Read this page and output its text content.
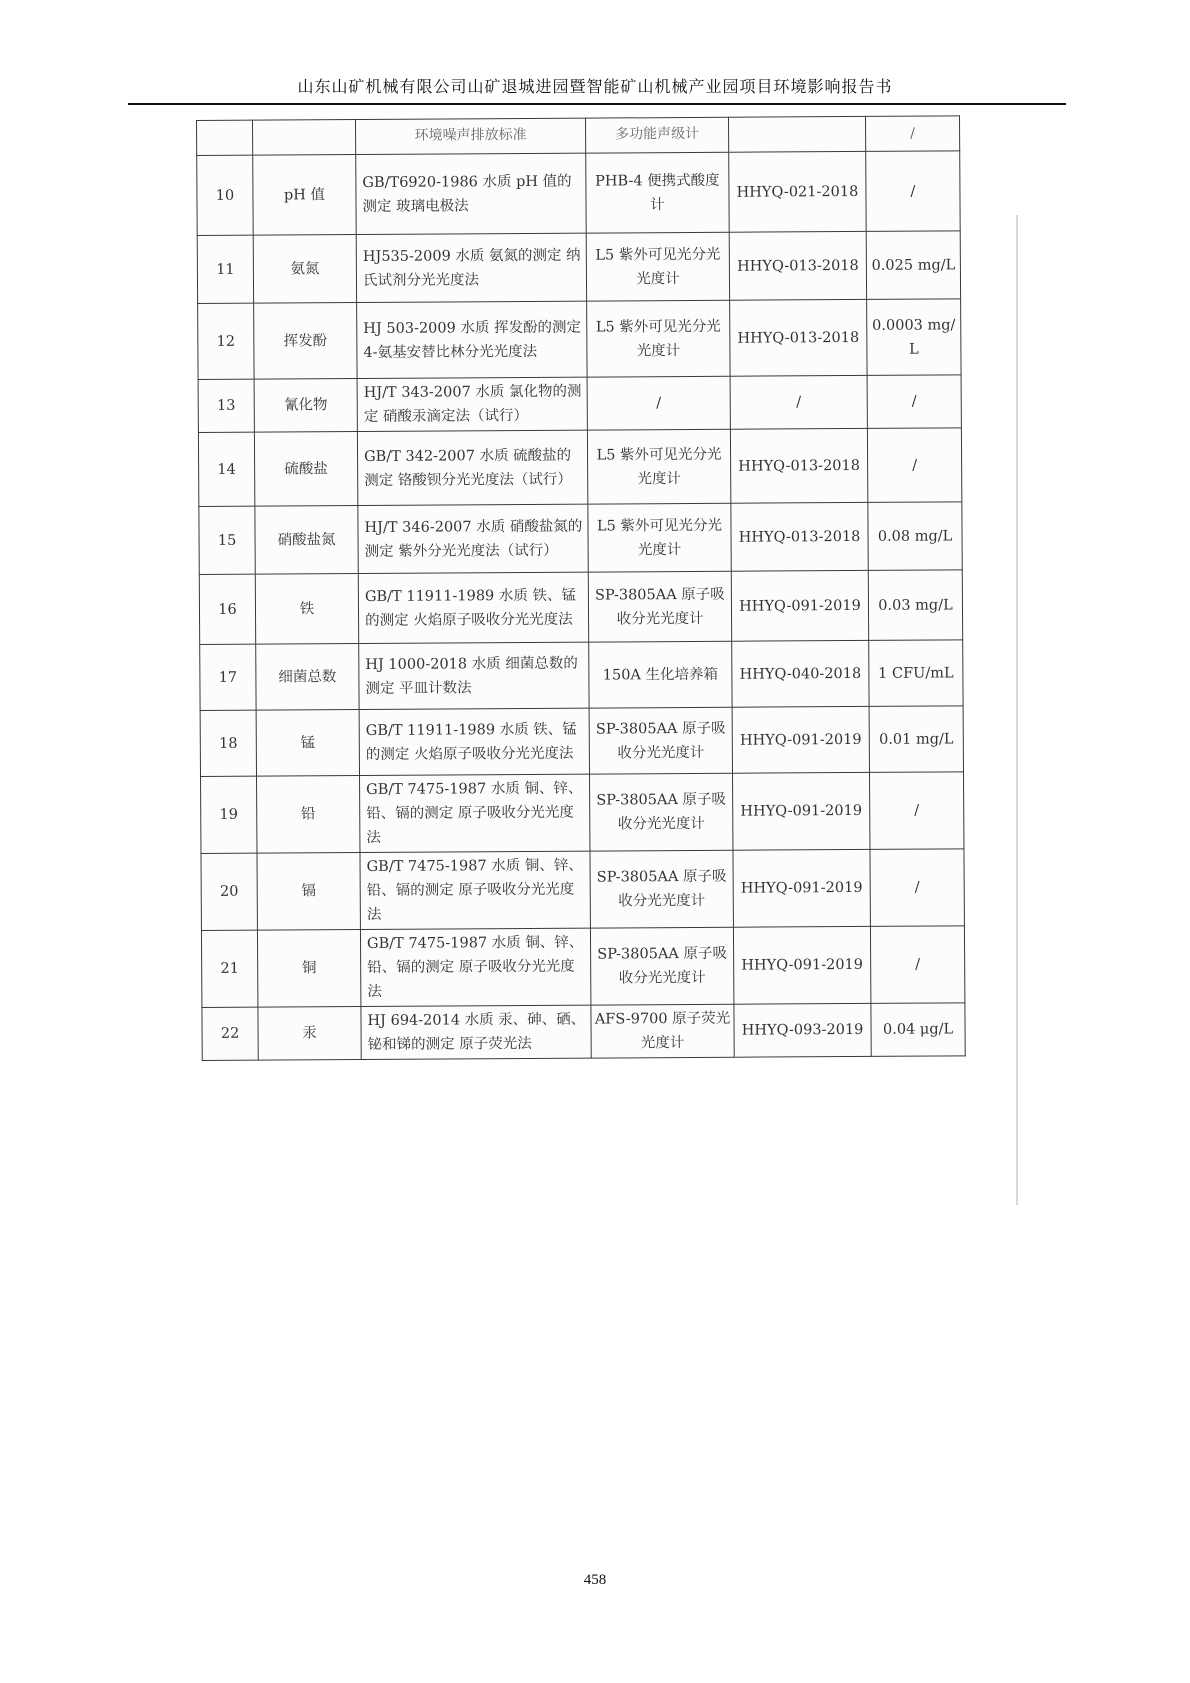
山东山矿机械有限公司山矿退城进园暨智能矿山机械产业园项目环境影响报告书

		环境噪声排放标准	多功能声级计		/
10	pH 值	GB/T6920-1986 水质 pH 值的测定 玻璃电极法	PHB-4 便携式酸度计	HHYQ-021-2018	/
11	氨氮	HJ535-2009 水质 氨氮的测定 纳氏试剂分光光度法	L5 紫外可见光分光光度计	HHYQ-013-2018	0.025 mg/L
12	挥发酚	HJ 503-2009 水质 挥发酚的测定 4-氨基安替比林分光光度法	L5 紫外可见光分光光度计	HHYQ-013-2018	0.0003 mg/L
13	氰化物	HJ/T 343-2007 水质 氯化物的测定 硝酸汞滴定法（试行）	/	/	/
14	硫酸盐	GB/T 342-2007 水质 硫酸盐的测定 铬酸钡分光光度法（试行）	L5 紫外可见光分光光度计	HHYQ-013-2018	/
15	硝酸盐氮	HJ/T 346-2007 水质 硝酸盐氮的测定 紫外分光光度法（试行）	L5 紫外可见光分光光度计	HHYQ-013-2018	0.08 mg/L
16	铁	GB/T 11911-1989 水质 铁、锰的测定 火焰原子吸收分光光度法	SP-3805AA 原子吸收分光光度计	HHYQ-091-2019	0.03 mg/L
17	细菌总数	HJ 1000-2018 水质 细菌总数的测定 平皿计数法	150A 生化培养箱	HHYQ-040-2018	1 CFU/mL
18	锰	GB/T 11911-1989 水质 铁、锰的测定 火焰原子吸收分光光度法	SP-3805AA 原子吸收分光光度计	HHYQ-091-2019	0.01 mg/L
19	铅	GB/T 7475-1987 水质 铜、锌、铅、镉的测定 原子吸收分光光度法	SP-3805AA 原子吸收分光光度计	HHYQ-091-2019	/
20	镉	GB/T 7475-1987 水质 铜、锌、铅、镉的测定 原子吸收分光光度法	SP-3805AA 原子吸收分光光度计	HHYQ-091-2019	/
21	铜	GB/T 7475-1987 水质 铜、锌、铅、镉的测定 原子吸收分光光度法	SP-3805AA 原子吸收分光光度计	HHYQ-091-2019	/
22	汞	HJ 694-2014 水质 汞、砷、硒、铋和锑的测定 原子荧光法	AFS-9700 原子荧光光度计	HHYQ-093-2019	0.04 μg/L
458
